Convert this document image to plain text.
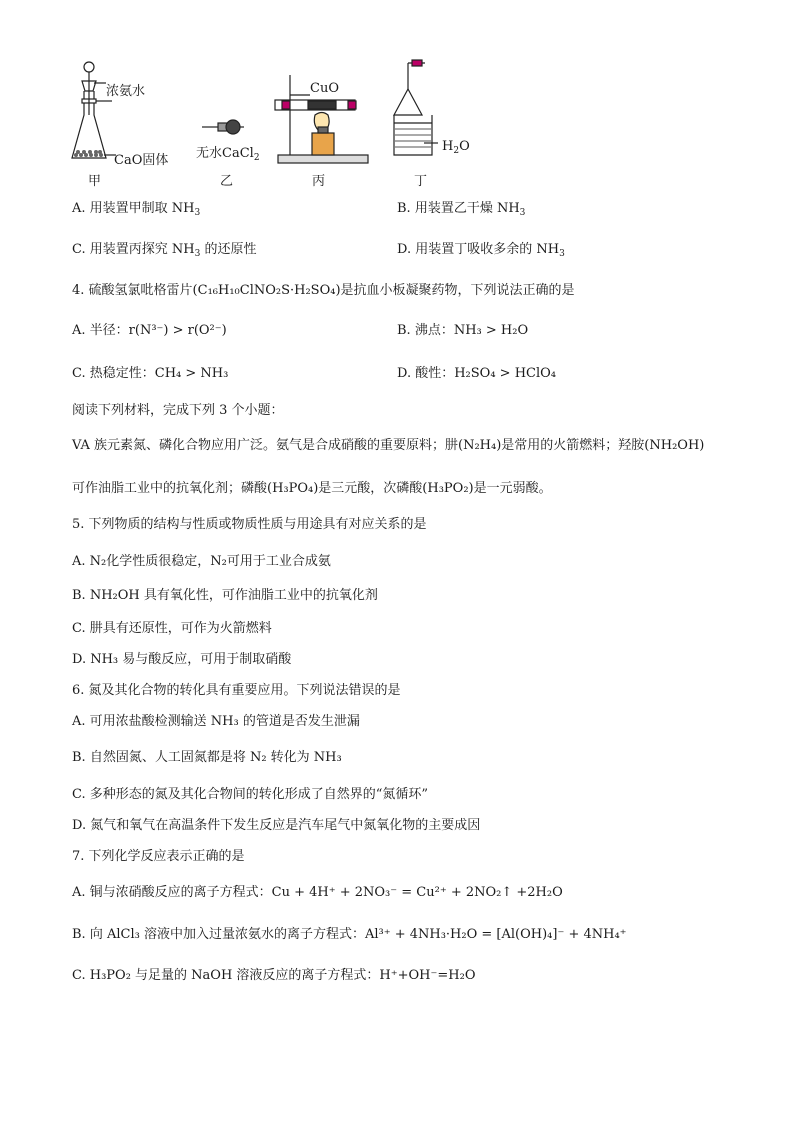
浓氨水
CaO固体
甲
无水CaCl$_2$
乙
CuO
丙
$H_2O$
丁
A. 用装置甲制取 $NH_3$	B. 用装置乙干燥 $NH_3$
C. 用装置丙探究 $NH_3$ 的还原性	D. 用装置丁吸收多余的 $NH_3$
4. 硫酸氢氯吡格雷片(C₁₆H₁₀ClNO₂S·H₂SO₄)是抗血小板凝聚药物，下列说法正确的是
A. 半径：r(N³⁻) > r(O²⁻)	B. 沸点：NH₃ > H₂O
C. 热稳定性：CH₄ > NH₃	D. 酸性：H₂SO₄ > HClO₄
阅读下列材料，完成下列 3 个小题：
VA 族元素氮、磷化合物应用广泛。氨气是合成硝酸的重要原料；肼(N₂H₄)是常用的火箭燃料；羟胺(NH₂OH)
可作油脂工业中的抗氧化剂；磷酸(H₃PO₄)是三元酸，次磷酸(H₃PO₂)是一元弱酸。
5. 下列物质的结构与性质或物质性质与用途具有对应关系的是
A. N₂化学性质很稳定，N₂可用于工业合成氨
B. NH₂OH 具有氧化性，可作油脂工业中的抗氧化剂
C. 肼具有还原性，可作为火箭燃料
D. NH₃ 易与酸反应，可用于制取硝酸
6. 氮及其化合物的转化具有重要应用。下列说法错误的是
A. 可用浓盐酸检测输送 NH₃ 的管道是否发生泄漏
B. 自然固氮、人工固氮都是将 N₂ 转化为 NH₃
C. 多种形态的氮及其化合物间的转化形成了自然界的“氮循环”
D. 氮气和氧气在高温条件下发生反应是汽车尾气中氮氧化物的主要成因
7. 下列化学反应表示正确的是
A. 铜与浓硝酸反应的离子方程式：Cu + 4H⁺ + 2NO₃⁻ = Cu²⁺ + 2NO₂↑ +2H₂O
B. 向 AlCl₃ 溶液中加入过量浓氨水的离子方程式：Al³⁺ + 4NH₃·H₂O = [Al(OH)₄]⁻ + 4NH₄⁺
C. H₃PO₂ 与足量的 NaOH 溶液反应的离子方程式：H⁺+OH⁻=H₂O
